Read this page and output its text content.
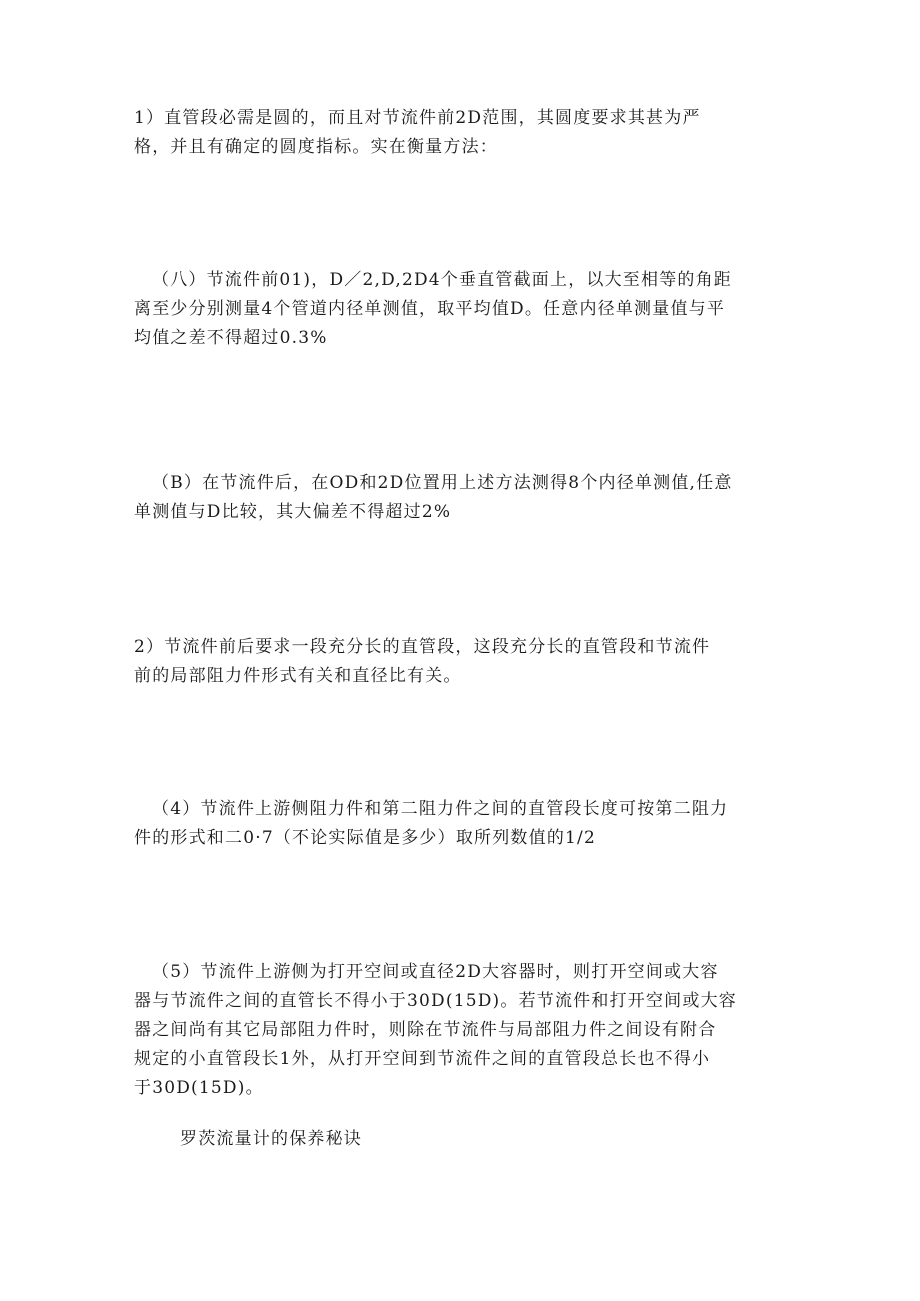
1）直管段必需是圆的，而且对节流件前2D范围，其圆度要求其甚为严
格，并且有确定的圆度指标。实在衡量方法：

（八）节流件前01)，D／2,D,2D4个垂直管截面上，以大至相等的角距
离至少分别测量4个管道内径单测值，取平均值D。任意内径单测量值与平
均值之差不得超过0.3%

（B）在节流件后，在OD和2D位置用上述方法测得8个内径单测值,任意
单测值与D比较，其大偏差不得超过2%

2）节流件前后要求一段充分长的直管段，这段充分长的直管段和节流件
前的局部阻力件形式有关和直径比有关。

（4）节流件上游侧阻力件和第二阻力件之间的直管段长度可按第二阻力
件的形式和二0·7（不论实际值是多少）取所列数值的1/2

（5）节流件上游侧为打开空间或直径2D大容器时，则打开空间或大容
器与节流件之间的直管长不得小于30D(15D)。若节流件和打开空间或大容
器之间尚有其它局部阻力件时，则除在节流件与局部阻力件之间设有附合
规定的小直管段长1外，从打开空间到节流件之间的直管段总长也不得小
于30D(15D)。

罗茨流量计的保养秘诀
